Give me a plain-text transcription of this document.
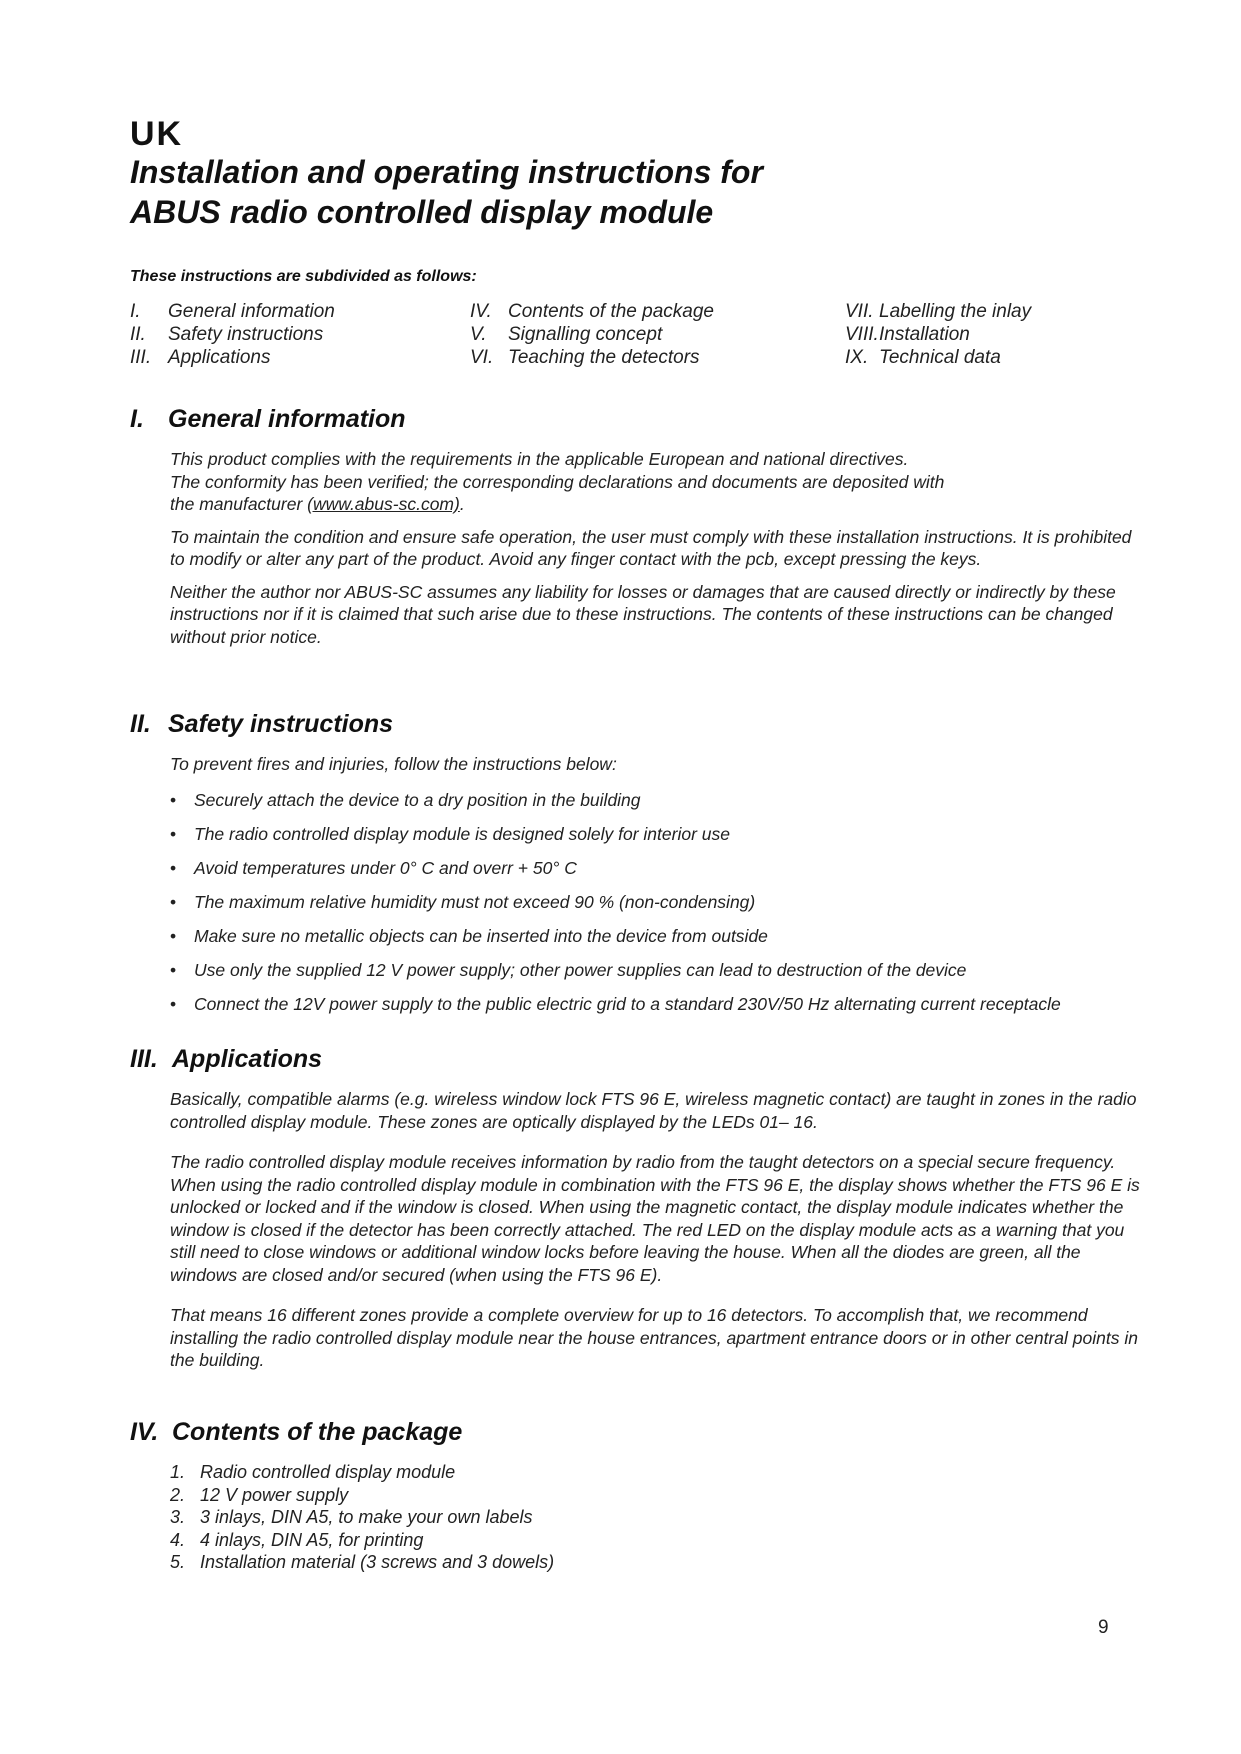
UK
Installation and operating instructions for
ABUS radio controlled display module
These instructions are subdivided as follows:
I. General information
II. Safety instructions
III. Applications
IV. Contents of the package
V. Signalling concept
VI. Teaching the detectors
VII. Labelling the inlay
VIII.Installation
IX. Technical data
I. General information

This product complies with the requirements in the applicable European and national directives.
The conformity has been verified; the corresponding declarations and documents are deposited with
the manufacturer (www.abus-sc.com).

To maintain the condition and ensure safe operation, the user must comply with these installation instructions. It is prohibited to modify or alter any part of the product. Avoid any finger contact with the pcb, except pressing the keys.

Neither the author nor ABUS-SC assumes any liability for losses or damages that are caused directly or indirectly by these instructions nor if it is claimed that such arise due to these instructions. The contents of these instructions can be changed without prior notice.

II. Safety instructions

To prevent fires and injuries, follow the instructions below:

• Securely attach the device to a dry position in the building
• The radio controlled display module is designed solely for interior use
• Avoid temperatures under 0° C and overr + 50° C
• The maximum relative humidity must not exceed 90 % (non-condensing)
• Make sure no metallic objects can be inserted into the device from outside
• Use only the supplied 12 V power supply; other power supplies can lead to destruction of the device
• Connect the 12V power supply to the public electric grid to a standard 230V/50 Hz alternating current receptacle
III. Applications

Basically, compatible alarms (e.g. wireless window lock FTS 96 E, wireless magnetic contact) are taught in zones in the radio controlled display module. These zones are optically displayed by the LEDs 01– 16.

The radio controlled display module receives information by radio from the taught detectors on a special secure frequency. When using the radio controlled display module in combination with the FTS 96 E, the display shows whether the FTS 96 E is unlocked or locked and if the window is closed. When using the magnetic contact, the display module indicates whether the window is closed if the detector has been correctly attached. The red LED on the display module acts as a warning that you still need to close windows or additional window locks before leaving the house. When all the diodes are green, all the windows are closed and/or secured (when using the FTS 96 E).

That means 16 different zones provide a complete overview for up to 16 detectors. To accomplish that, we recommend installing the radio controlled display module near the house entrances, apartment entrance doors or in other central points in the building.

IV. Contents of the package
1. Radio controlled display module
2. 12 V power supply
3. 3 inlays, DIN A5, to make your own labels
4. 4 inlays, DIN A5, for printing
5. Installation material (3 screws and 3 dowels)
9
